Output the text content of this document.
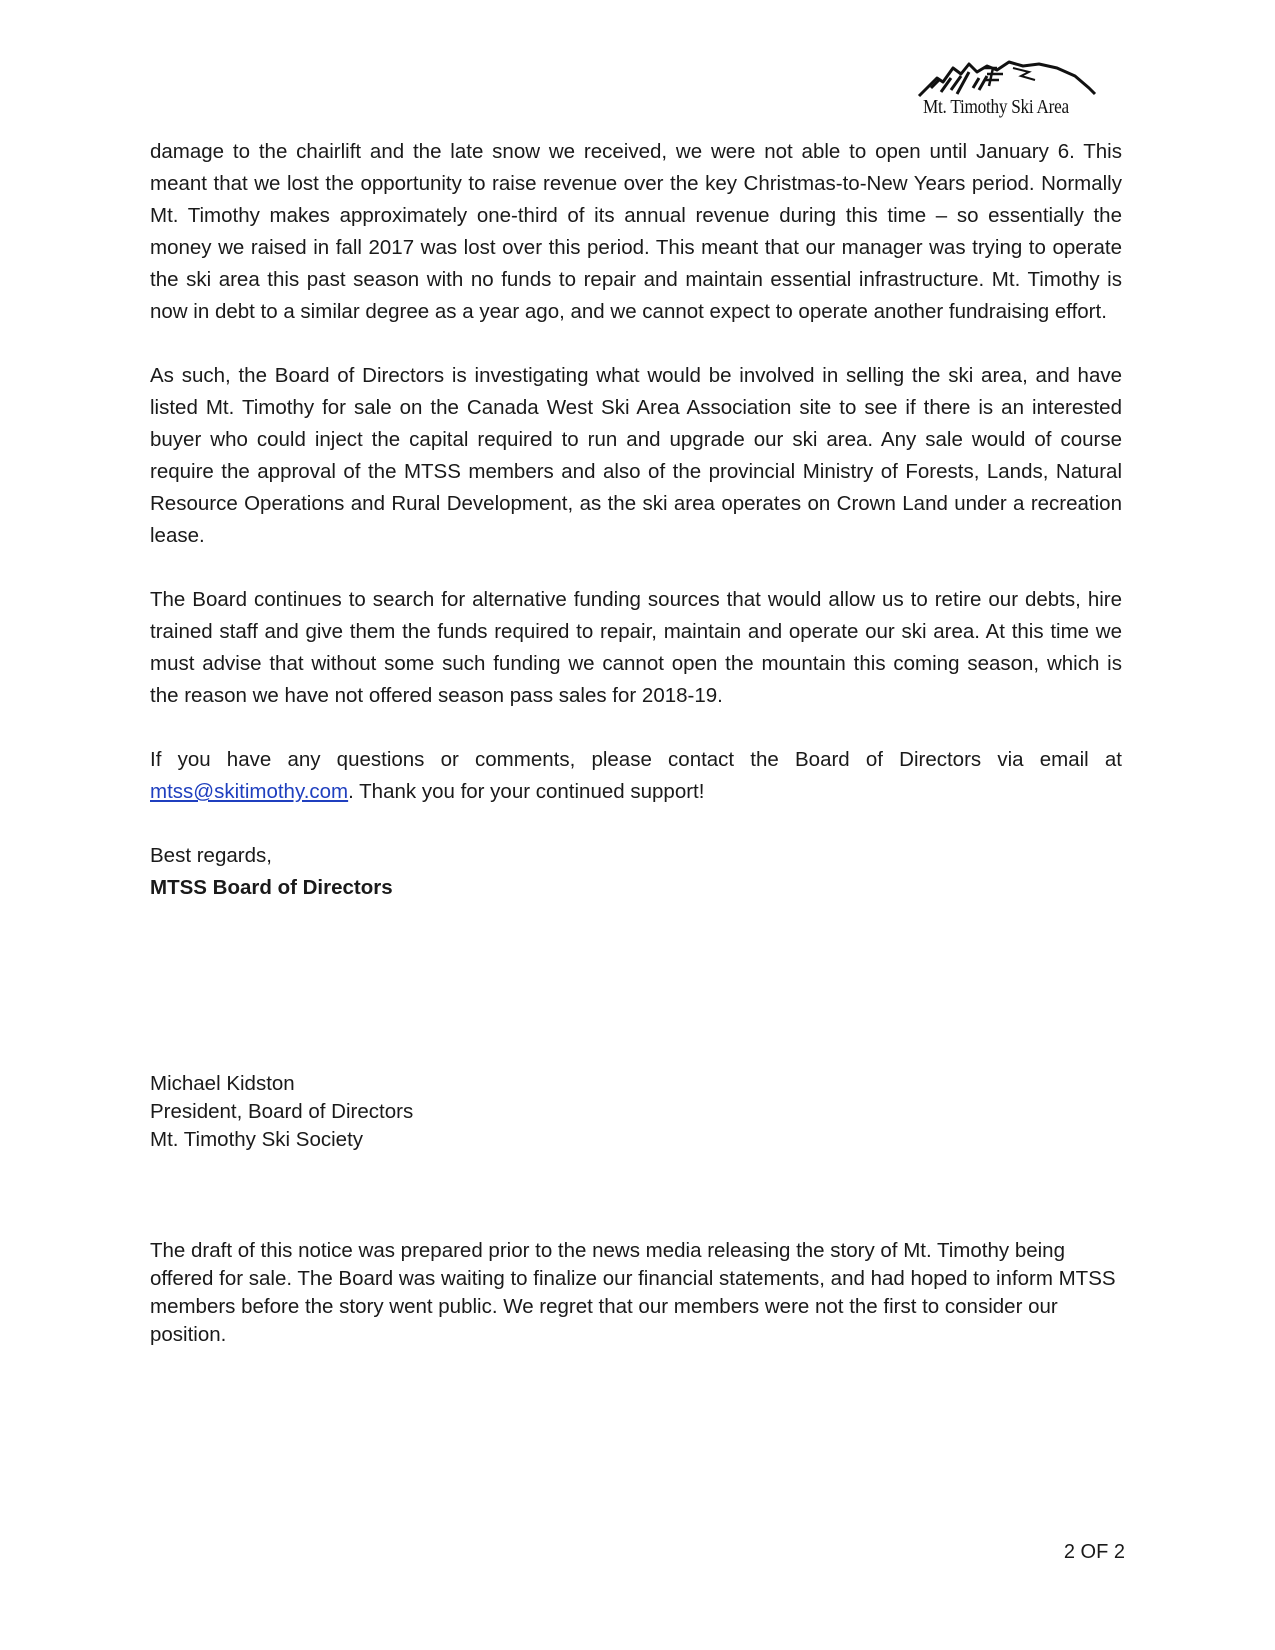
Mt. Timothy Ski Area

damage to the chairlift and the late snow we received, we were not able to open until January 6. This meant that we lost the opportunity to raise revenue over the key Christmas-to-New Years period. Normally Mt. Timothy makes approximately one-third of its annual revenue during this time – so essentially the money we raised in fall 2017 was lost over this period. This meant that our manager was trying to operate the ski area this past season with no funds to repair and maintain essential infrastructure. Mt. Timothy is now in debt to a similar degree as a year ago, and we cannot expect to operate another fundraising effort.

As such, the Board of Directors is investigating what would be involved in selling the ski area, and have listed Mt. Timothy for sale on the Canada West Ski Area Association site to see if there is an interested buyer who could inject the capital required to run and upgrade our ski area. Any sale would of course require the approval of the MTSS members and also of the provincial Ministry of Forests, Lands, Natural Resource Operations and Rural Development, as the ski area operates on Crown Land under a recreation lease.

The Board continues to search for alternative funding sources that would allow us to retire our debts, hire trained staff and give them the funds required to repair, maintain and operate our ski area. At this time we must advise that without some such funding we cannot open the mountain this coming season, which is the reason we have not offered season pass sales for 2018-19.

If you have any questions or comments, please contact the Board of Directors via email at mtss@skitimothy.com. Thank you for your continued support!

Best regards,

MTSS Board of Directors

Michael Kidston
President, Board of Directors
Mt. Timothy Ski Society
The draft of this notice was prepared prior to the news media releasing the story of Mt. Timothy being offered for sale. The Board was waiting to finalize our financial statements, and had hoped to inform MTSS members before the story went public. We regret that our members were not the first to consider our position.
2 OF 2
